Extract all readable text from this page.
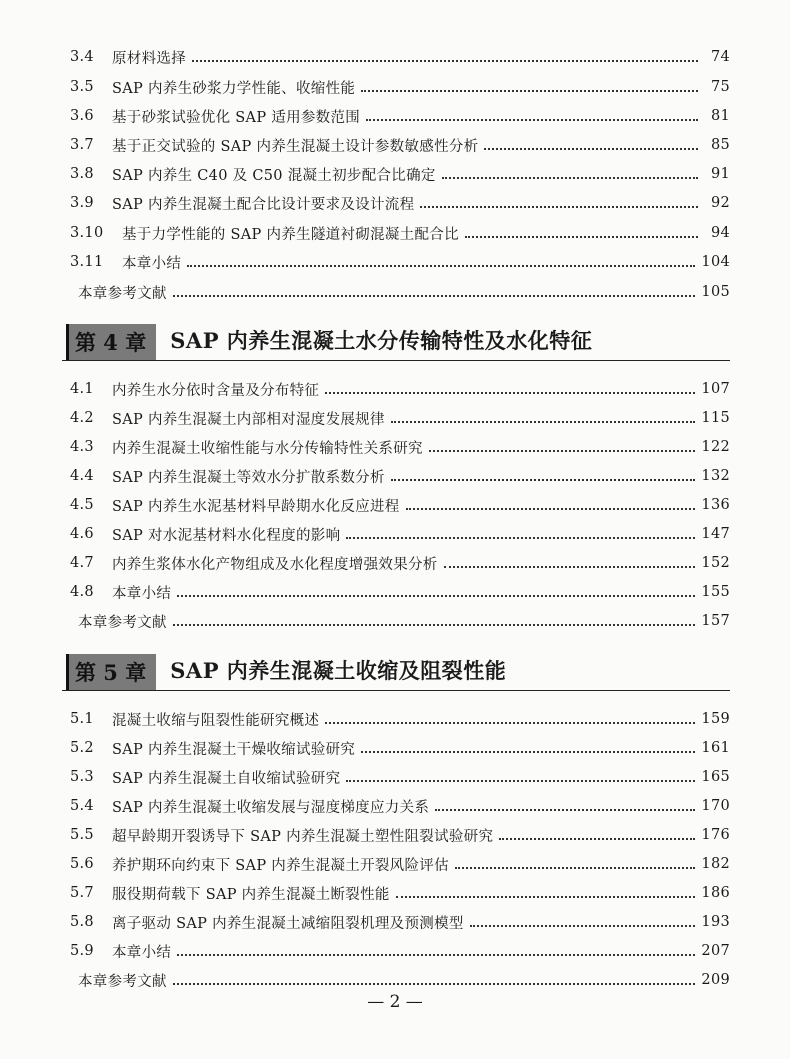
3.4	原材料选择	74
3.5	SAP 内养生砂浆力学性能、收缩性能	75
3.6	基于砂浆试验优化 SAP 适用参数范围	81
3.7	基于正交试验的 SAP 内养生混凝土设计参数敏感性分析	85
3.8	SAP 内养生 C40 及 C50 混凝土初步配合比确定	91
3.9	SAP 内养生混凝土配合比设计要求及设计流程	92
3.10	基于力学性能的 SAP 内养生隧道衬砌混凝土配合比	94
3.11	本章小结	104
本章参考文献	105
第 4 章 SAP 内养生混凝土水分传输特性及水化特征
4.1	内养生水分依时含量及分布特征	107
4.2	SAP 内养生混凝土内部相对湿度发展规律	115
4.3	内养生混凝土收缩性能与水分传输特性关系研究	122
4.4	SAP 内养生混凝土等效水分扩散系数分析	132
4.5	SAP 内养生水泥基材料早龄期水化反应进程	136
4.6	SAP 对水泥基材料水化程度的影响	147
4.7	内养生浆体水化产物组成及水化程度增强效果分析	152
4.8	本章小结	155
本章参考文献	157
第 5 章 SAP 内养生混凝土收缩及阻裂性能
5.1	混凝土收缩与阻裂性能研究概述	159
5.2	SAP 内养生混凝土干燥收缩试验研究	161
5.3	SAP 内养生混凝土自收缩试验研究	165
5.4	SAP 内养生混凝土收缩发展与湿度梯度应力关系	170
5.5	超早龄期开裂诱导下 SAP 内养生混凝土塑性阻裂试验研究	176
5.6	养护期环向约束下 SAP 内养生混凝土开裂风险评估	182
5.7	服役期荷载下 SAP 内养生混凝土断裂性能	186
5.8	离子驱动 SAP 内养生混凝土减缩阻裂机理及预测模型	193
5.9	本章小结	207
本章参考文献	209
— 2 —
